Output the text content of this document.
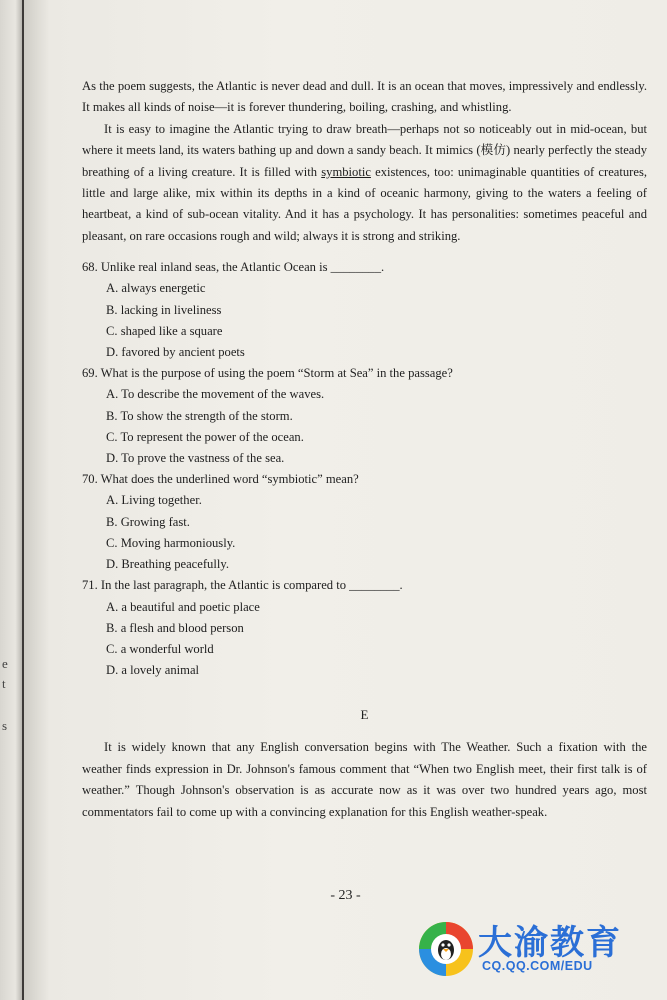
e
t
s

As the poem suggests, the Atlantic is never dead and dull. It is an ocean that moves, impressively and endlessly. It makes all kinds of noise—it is forever thundering, boiling, crashing, and whistling.

It is easy to imagine the Atlantic trying to draw breath—perhaps not so noticeably out in mid-ocean, but where it meets land, its waters bathing up and down a sandy beach. It mimics (模仿) nearly perfectly the steady breathing of a living creature. It is filled with symbiotic existences, too: unimaginable quantities of creatures, little and large alike, mix within its depths in a kind of oceanic harmony, giving to the waters a feeling of heartbeat, a kind of sub-ocean vitality. And it has a psychology. It has personalities: sometimes peaceful and pleasant, on rare occasions rough and wild; always it is strong and striking.

68. Unlike real inland seas, the Atlantic Ocean is ________.
A. always energetic
B. lacking in liveliness
C. shaped like a square
D. favored by ancient poets
69. What is the purpose of using the poem “Storm at Sea” in the passage?
A. To describe the movement of the waves.
B. To show the strength of the storm.
C. To represent the power of the ocean.
D. To prove the vastness of the sea.
70. What does the underlined word “symbiotic” mean?
A. Living together.
B. Growing fast.
C. Moving harmoniously.
D. Breathing peacefully.
71. In the last paragraph, the Atlantic is compared to ________.
A. a beautiful and poetic place
B. a flesh and blood person
C. a wonderful world
D. a lovely animal
E

It is widely known that any English conversation begins with The Weather. Such a fixation with the weather finds expression in Dr. Johnson's famous comment that “When two English meet, their first talk is of weather.” Though Johnson's observation is as accurate now as it was over two hundred years ago, most commentators fail to come up with a convincing explanation for this English weather-speak.

- 23 -
大渝教育
CQ.QQ.COM/EDU
